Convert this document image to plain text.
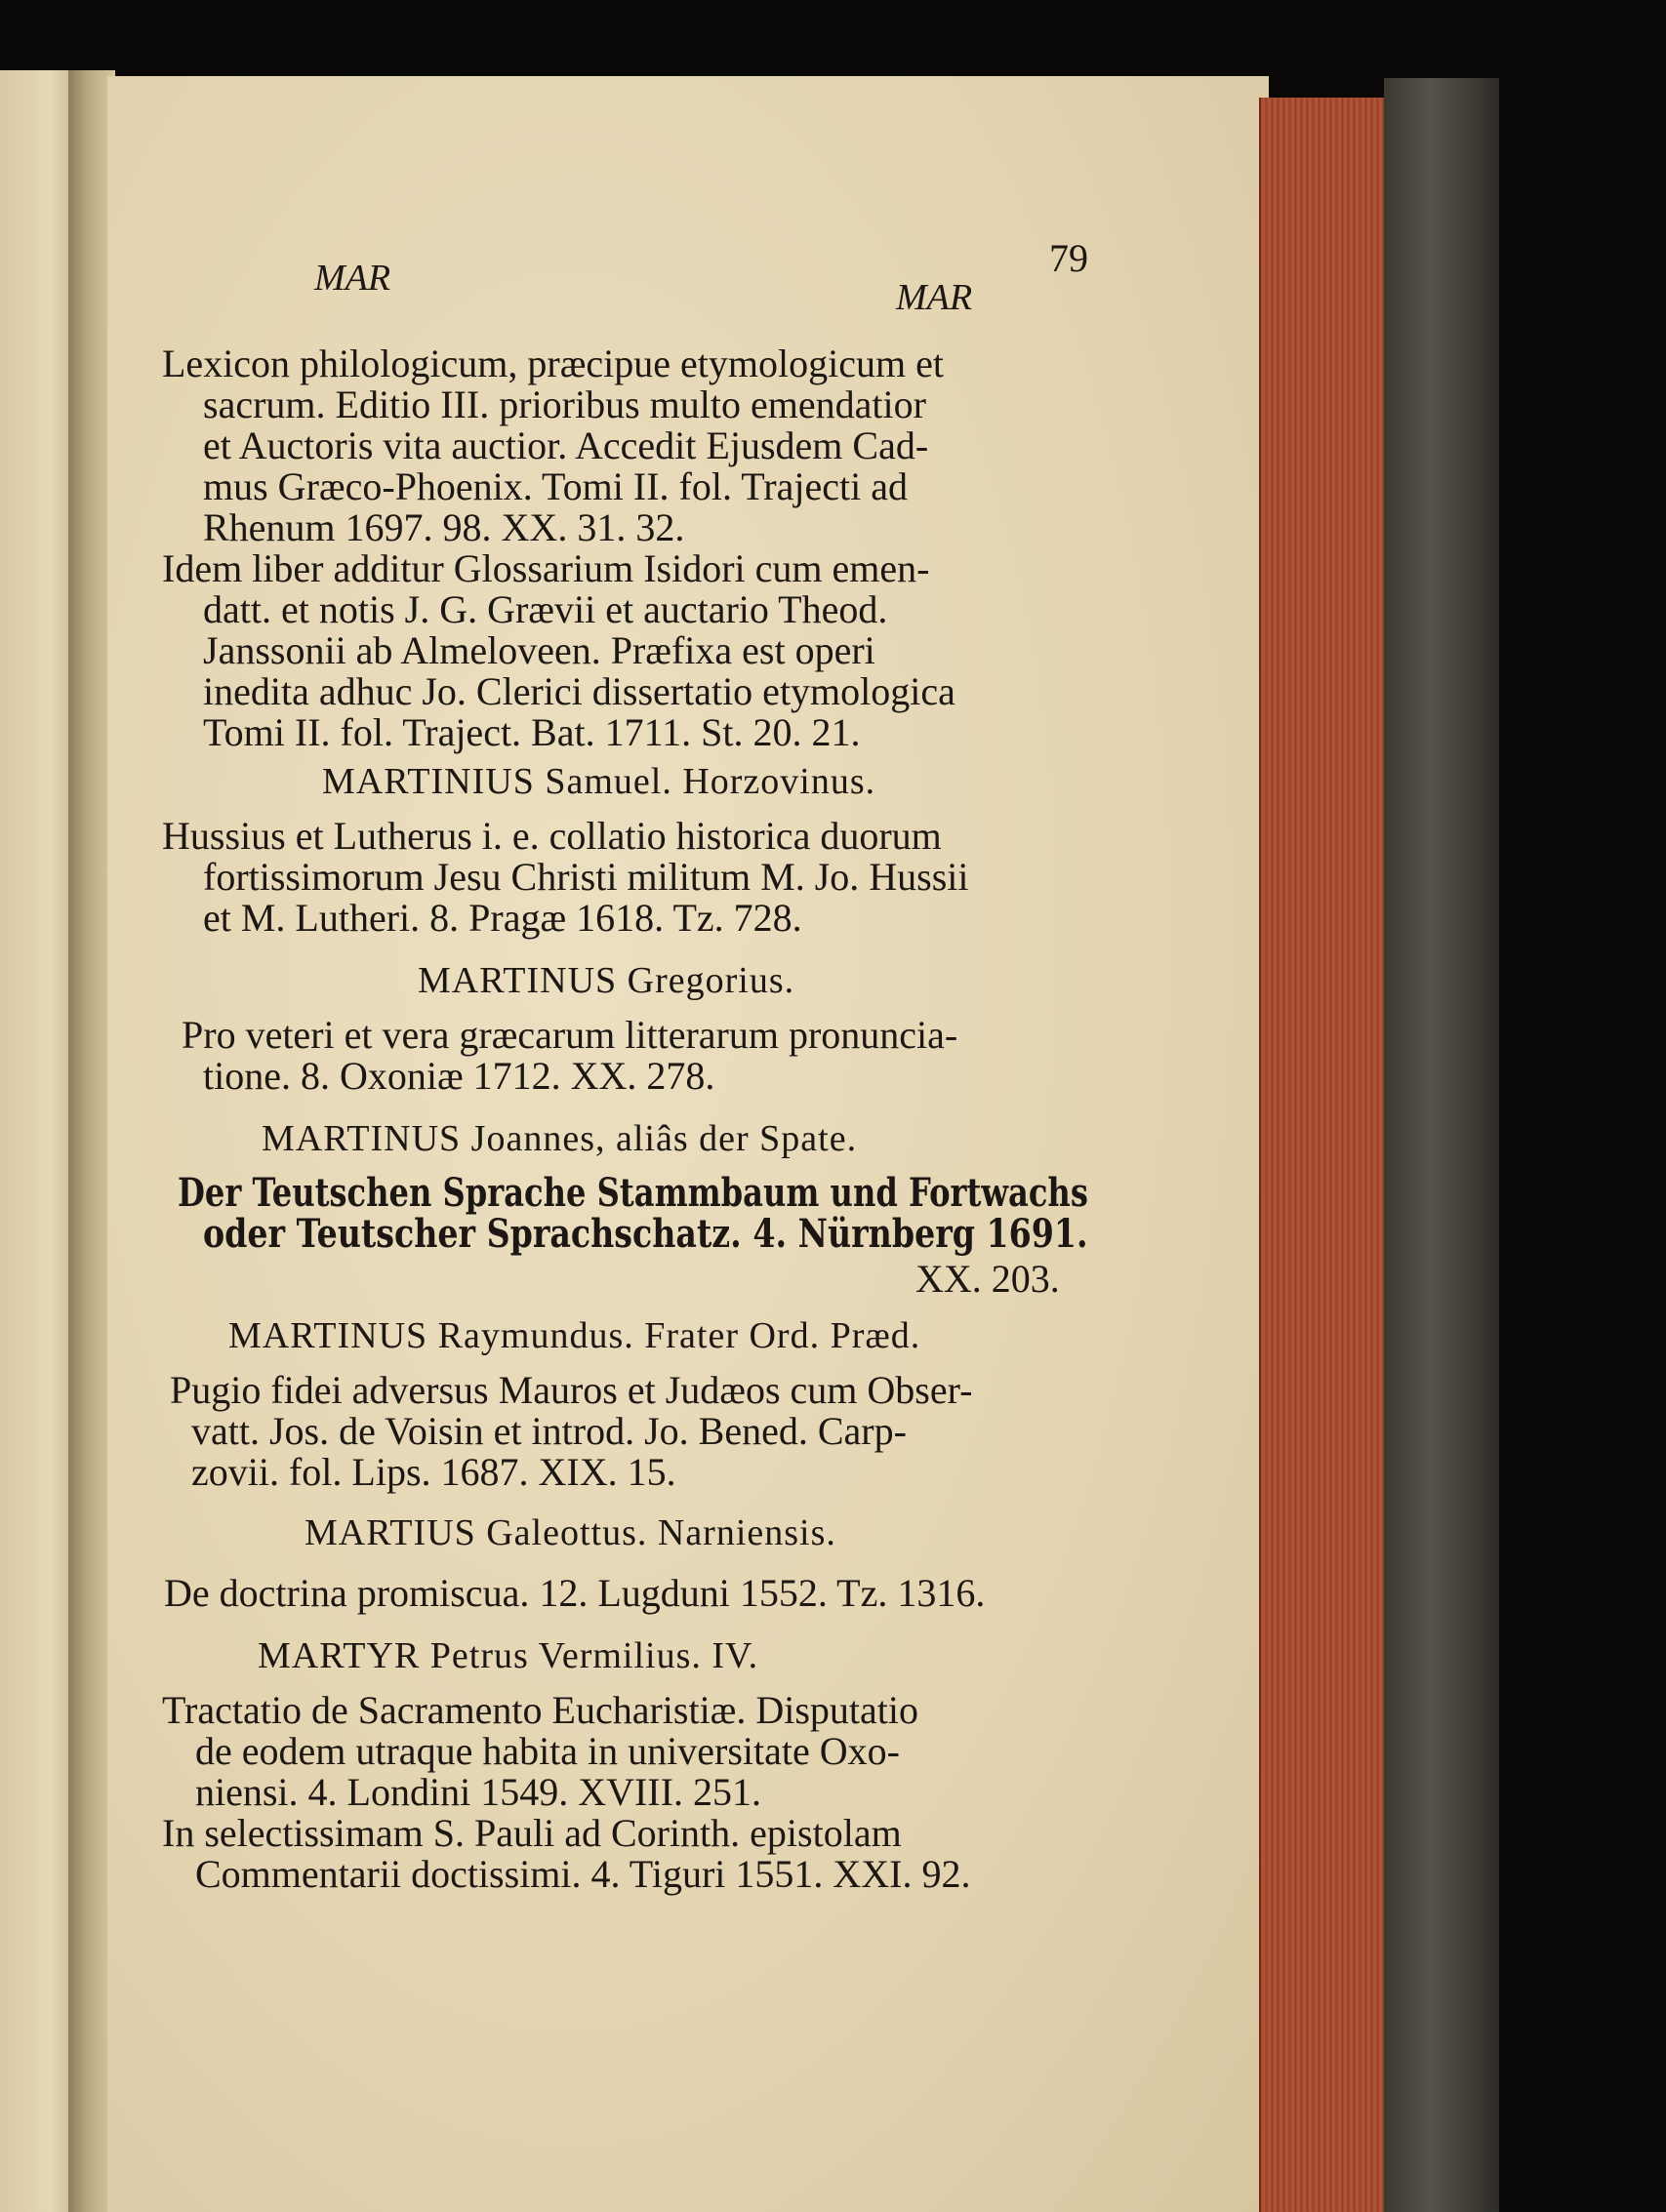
MAR	MAR
79
Lexicon philologicum, præcipue etymologicum et
sacrum. Editio III. prioribus multo emendatior
et Auctoris vita auctior. Accedit Ejusdem Cad-
mus Græco-Phoenix. Tomi II. fol. Trajecti ad
Rhenum 1697. 98. XX. 31. 32.
Idem liber additur Glossarium Isidori cum emen-
datt. et notis J. G. Grævii et auctario Theod.
Janssonii ab Almeloveen. Præfixa est operi
inedita adhuc Jo. Clerici dissertatio etymologica
Tomi II. fol. Traject. Bat. 1711. St. 20. 21.
MARTINIUS Samuel. Horzovinus.
Hussius et Lutherus i. e. collatio historica duorum
fortissimorum Jesu Christi militum M. Jo. Hussii
et M. Lutheri. 8. Pragæ 1618. Tz. 728.
MARTINUS Gregorius.
Pro veteri et vera græcarum litterarum pronuncia-
tione. 8. Oxoniæ 1712. XX. 278.
MARTINUS Joannes, aliâs der Spate.
Der Teutschen Sprache Stammbaum und Fortwachs
oder Teutscher Sprachschatz. 4. Nürnberg 1691.
XX. 203.
MARTINUS Raymundus. Frater Ord. Præd.
Pugio fidei adversus Mauros et Judæos cum Obser-
vatt. Jos. de Voisin et introd. Jo. Bened. Carp-
zovii. fol. Lips. 1687. XIX. 15.
MARTIUS Galeottus. Narniensis.
De doctrina promiscua. 12. Lugduni 1552. Tz. 1316.
MARTYR Petrus Vermilius. IV.
Tractatio de Sacramento Eucharistiæ. Disputatio
de eodem utraque habita in universitate Oxo-
niensi. 4. Londini 1549. XVIII. 251.
In selectissimam S. Pauli ad Corinth. epistolam
Commentarii doctissimi. 4. Tiguri 1551. XXI. 92.
